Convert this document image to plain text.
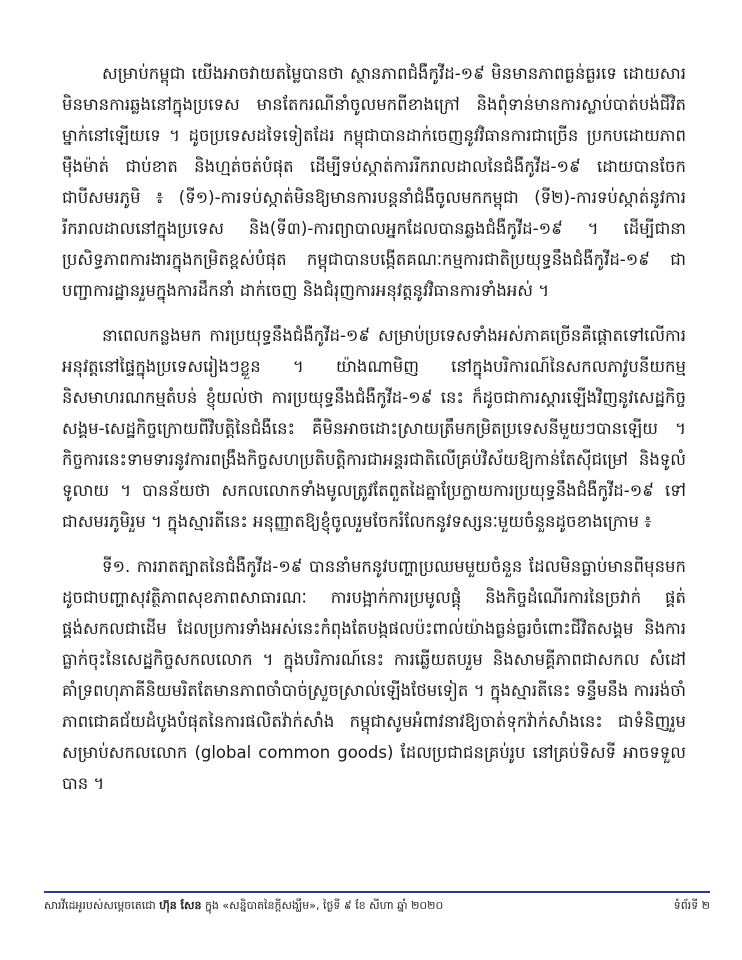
សម្រាប់កម្ពុជា យើងអាចវាយតម្លៃបានថា ស្ថានភាពជំងឺកូវីដ-១៩ មិនមានភាពធ្ងន់ធ្ងរទេ ដោយសារមិនមានការឆ្លងនៅក្នុងប្រទេស មានតែករណីនាំចូលមកពីខាងក្រៅ និងពុំទាន់មានការស្លាប់បាត់បង់ជីវិតម្នាក់នៅឡើយទេ ។ ដូចប្រទេសដទៃទៀតដែរ កម្ពុជាបានដាក់ចេញនូវវិធានការជាច្រើន ប្រកបដោយភាពម៉ឺងម៉ាត់ ជាប់ខាត និងហ្មត់ចត់បំផុត ដើម្បីទប់ស្កាត់ការរីករាលដាលនៃជំងឺកូវីដ-១៩ ដោយបានចែកជាបីសមរភូមិ ៖ (ទី១)-ការទប់ស្កាត់មិនឱ្យមានការបន្តនាំជំងឺចូលមកកម្ពុជា (ទី២)-ការទប់ស្កាត់នូវការរីករាលដាលនៅក្នុងប្រទេស និង(ទី៣)-ការព្យាបាលអ្នកដែលបានឆ្លងជំងឺកូវីដ-១៩ ។ ដើម្បីជានាប្រសិទ្ធភាពការងារក្នុងកម្រិតខ្ពស់បំផុត កម្ពុជាបានបង្កើតគណៈកម្មការជាតិប្រយុទ្ធនឹងជំងឺកូវីដ-១៩ ជាបញ្ជាការដ្ឋានរួមក្នុងការដឹកនាំ ដាក់ចេញ និងជំរុញការអនុវត្តនូវវិធានការទាំងអស់ ។

នាពេលកន្លងមក ការប្រយុទ្ធនឹងជំងឺកូវីដ-១៩ សម្រាប់ប្រទេសទាំងអស់ភាគច្រើនគឺផ្តោតទៅលើការអនុវត្តនៅផ្ទៃក្នុងប្រទេសរៀងៗខ្លួន ។ យ៉ាងណាមិញ នៅក្នុងបរិការណ៍នៃសកលភាវូបនីយកម្ម និសមាហរណកម្មតំបន់ ខ្ញុំយល់ថា ការប្រយុទ្ធនឹងជំងឺកូវីដ-១៩ នេះ ក៏ដូចជាការស្តារឡើងវិញនូវសេដ្ឋកិច្ចសង្គម-សេដ្ឋកិច្ចក្រោយពីវិបត្តិនៃជំងឺនេះ គឺមិនអាចដោះស្រាយត្រឹមកម្រិតប្រទេសនីមួយៗបានឡើយ ។ កិច្ចការនេះទាមទារនូវការពង្រឹងកិច្ចសហប្រតិបត្តិការជាអន្តរជាតិលើគ្រប់វិស័យឱ្យកាន់តែស៊ីជម្រៅ និងទូលំទូលាយ ។ បានន័យថា សកលលោកទាំងមូលត្រូវតែពួតដៃគ្នាប្រែក្លាយការប្រយុទ្ធនឹងជំងឺកូវីដ-១៩ ទៅជាសមរភូមិរួម ។ ក្នុងស្មារតីនេះ អនុញ្ញាតឱ្យខ្ញុំចូលរួមចែករំលែកនូវទស្សនៈមួយចំនួនដូចខាងក្រោម ៖

ទី១. ការរាតត្បាតនៃជំងឺកូវីដ-១៩ បាននាំមកនូវបញ្ហាប្រឈមមួយចំនួន ដែលមិនធ្លាប់មានពីមុនមក ដូចជាបញ្ហាសុវត្ថិភាពសុខភាពសាធារណៈ ការបង្អាក់ការប្រមូលផ្តុំ និងកិច្ចដំណើរការនៃច្រវាក់ ផ្គត់ផ្គង់សកលជាដើម ដែលប្រការទាំងអស់នេះកំពុងតែបង្កផលប៉ះពាល់យ៉ាងធ្ងន់ធ្ងរចំពោះជីវិតសង្គម និងការធ្លាក់ចុះនៃសេដ្ឋកិច្ចសកលលោក ។ ក្នុងបរិការណ៍នេះ ការឆ្លើយតបរួម និងសាមគ្គីភាពជាសកល សំដៅគាំទ្រពហុភាគីនិយមរិតតែមានភាពចាំបាច់ស្រួចស្រាល់ឡើងថែមទៀត ។ ក្នុងស្មារតីនេះ ទន្ទឹមនឹង ការរង់ចាំភាពជោគជ័យដំបូងបំផុតនៃការផលិតវ៉ាក់សាំង កម្ពុជាសូមអំពាវនាវឱ្យចាត់ទុកវ៉ាក់សាំងនេះ ជាទំនិញរួមសម្រាប់សកលលោក (global common goods) ដែលប្រជាជនគ្រប់រូប នៅគ្រប់ទិសទី អាចទទួលបាន ។

សារវីដេអូរបស់សម្តេចតេជោ ហ៊ុន សែន ក្នុង «សន្និបាតនៃក្តីសង្ឃឹម», ថ្ងៃទី ៩ ខែ សីហា ឆ្នាំ ២០២០	ទំព័រទី ២
